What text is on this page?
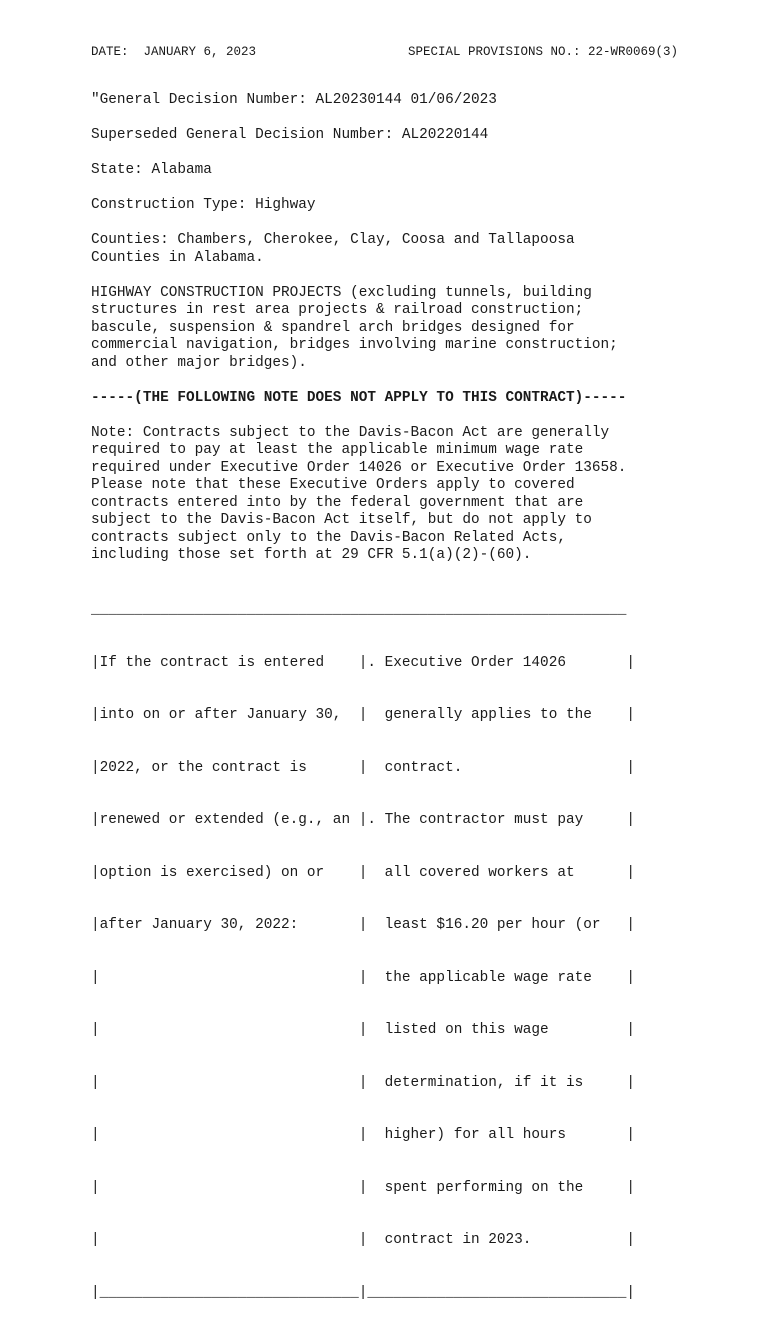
DATE:  JANUARY 6, 2023	SPECIAL PROVISIONS NO.: 22-WR0069(3)
"General Decision Number: AL20230144 01/06/2023
Superseded General Decision Number: AL20220144
State: Alabama
Construction Type: Highway
Counties: Chambers, Cherokee, Clay, Coosa and Tallapoosa
Counties in Alabama.
HIGHWAY CONSTRUCTION PROJECTS (excluding tunnels, building
structures in rest area projects & railroad construction;
bascule, suspension & spandrel arch bridges designed for
commercial navigation, bridges involving marine construction;
and other major bridges).
-----(THE FOLLOWING NOTE DOES NOT APPLY TO THIS CONTRACT)-----
Note: Contracts subject to the Davis-Bacon Act are generally
required to pay at least the applicable minimum wage rate
required under Executive Order 14026 or Executive Order 13658.
Please note that these Executive Orders apply to covered
contracts entered into by the federal government that are
subject to the Davis-Bacon Act itself, but do not apply to
contracts subject only to the Davis-Bacon Related Acts,
including those set forth at 29 CFR 5.1(a)(2)-(60).

______________________________________________________________

|If the contract is entered    |. Executive Order 14026       |

|into on or after January 30,  |  generally applies to the    |

|2022, or the contract is      |  contract.                   |

|renewed or extended (e.g., an |. The contractor must pay     |

|option is exercised) on or    |  all covered workers at      |

|after January 30, 2022:       |  least $16.20 per hour (or   |

|                              |  the applicable wage rate    |

|                              |  listed on this wage         |

|                              |  determination, if it is     |

|                              |  higher) for all hours       |

|                              |  spent performing on the     |

|                              |  contract in 2023.           |

|______________________________|______________________________|
